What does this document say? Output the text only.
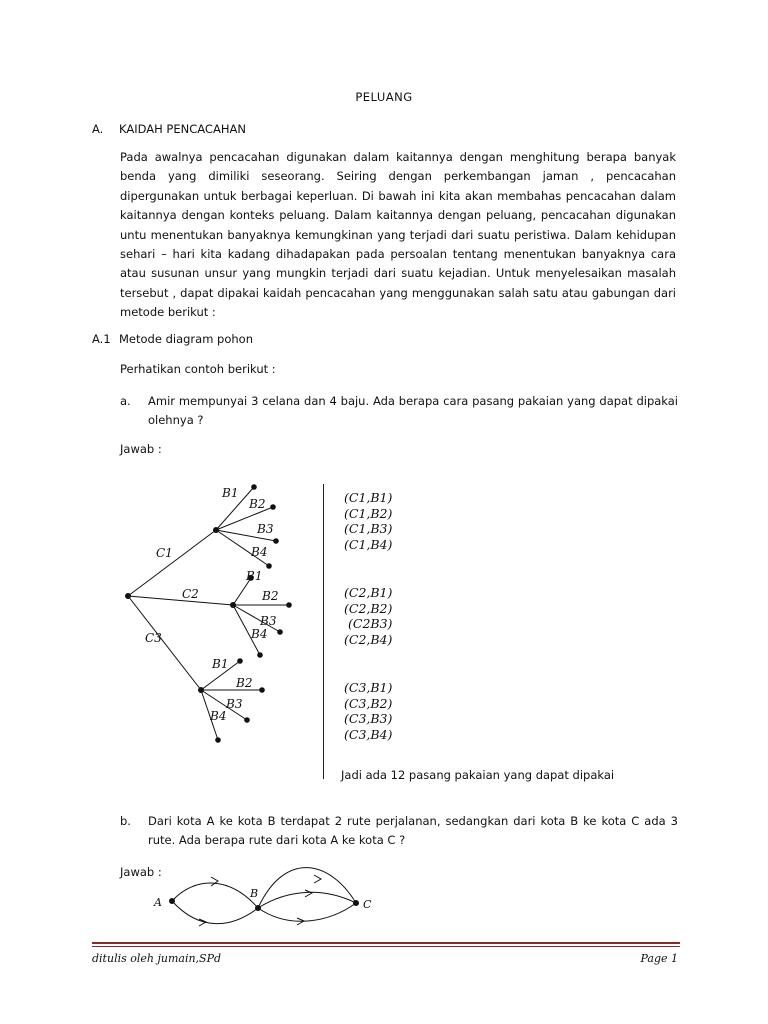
PELUANG
A. KAIDAH PENCACAHAN

Pada awalnya pencacahan digunakan dalam kaitannya dengan menghitung berapa banyak benda yang dimiliki seseorang. Seiring dengan perkembangan jaman , pencacahan dipergunakan untuk berbagai keperluan. Di bawah ini kita akan membahas pencacahan dalam kaitannya dengan konteks peluang. Dalam kaitannya dengan peluang, pencacahan digunakan untu menentukan banyaknya kemungkinan yang terjadi dari suatu peristiwa. Dalam kehidupan sehari – hari kita kadang dihadapakan pada persoalan tentang menentukan banyaknya cara atau susunan unsur yang mungkin terjadi dari suatu kejadian. Untuk menyelesaikan masalah tersebut , dapat dipakai kaidah pencacahan yang menggunakan salah satu atau gabungan dari metode berikut :

A.1 Metode diagram pohon
Perhatikan contoh berikut :
a. Amir mempunyai 3 celana dan 4 baju. Ada berapa cara pasang pakaian yang dapat dipakai olehnya ?
Jawab :
C1
C2
C3
B1
B2
B3
B4
B1
B2
B3
B4
B1
B2
B3
B4
(C1,B1)
(C1,B2)
(C1,B3)
(C1,B4)
(C2,B1)
(C2,B2)
(C2B3)
(C2,B4)
(C3,B1)
(C3,B2)
(C3,B3)
(C3,B4)
Jadi ada 12 pasang pakaian yang dapat dipakai
b. Dari kota A ke kota B terdapat 2 rute perjalanan, sedangkan dari kota B ke kota C ada 3 rute. Ada berapa rute dari kota A ke kota C ?
Jawab :
A
B
C
ditulis oleh jumain,SPd	Page 1
